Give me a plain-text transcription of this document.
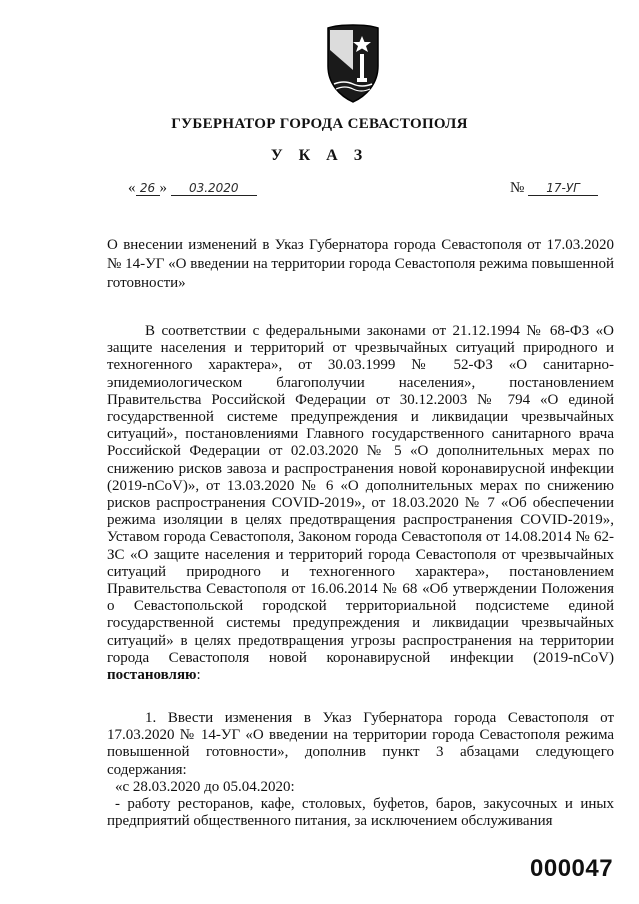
ГУБЕРНАТОР ГОРОДА СЕВАСТОПОЛЯ
У К А З
« 26 » 03.2020	№ 17-УГ
О внесении изменений в Указ Губернатора города Севастополя от 17.03.2020 № 14-УГ «О введении на территории города Севастополя режима повышенной готовности»

В соответствии с федеральными законами от 21.12.1994 № 68-ФЗ «О защите населения и территорий от чрезвычайных ситуаций природного и техногенного характера», от 30.03.1999 № 52-ФЗ «О санитарно-эпидемиологическом благополучии населения», постановлением Правительства Российской Федерации от 30.12.2003 № 794 «О единой государственной системе предупреждения и ликвидации чрезвычайных ситуаций», постановлениями Главного государственного санитарного врача Российской Федерации от 02.03.2020 № 5 «О дополнительных мерах по снижению рисков завоза и распространения новой коронавирусной инфекции (2019-nCoV)», от 13.03.2020 № 6 «О дополнительных мерах по снижению рисков распространения COVID-2019», от 18.03.2020 № 7 «Об обеспечении режима изоляции в целях предотвращения распространения COVID-2019», Уставом города Севастополя, Законом города Севастополя от 14.08.2014 № 62-ЗС «О защите населения и территорий города Севастополя от чрезвычайных ситуаций природного и техногенного характера», постановлением Правительства Севастополя от 16.06.2014 № 68 «Об утверждении Положения о Севастопольской городской территориальной подсистеме единой государственной системы предупреждения и ликвидации чрезвычайных ситуаций» в целях предотвращения угрозы распространения на территории города Севастополя новой коронавирусной инфекции (2019-nCoV) постановляю:

1. Ввести изменения в Указ Губернатора города Севастополя от 17.03.2020 № 14-УГ «О введении на территории города Севастополя режима повышенной готовности», дополнив пункт 3 абзацами следующего содержания:

«с 28.03.2020 до 05.04.2020:

- работу ресторанов, кафе, столовых, буфетов, баров, закусочных и иных предприятий общественного питания, за исключением обслуживания

000047
